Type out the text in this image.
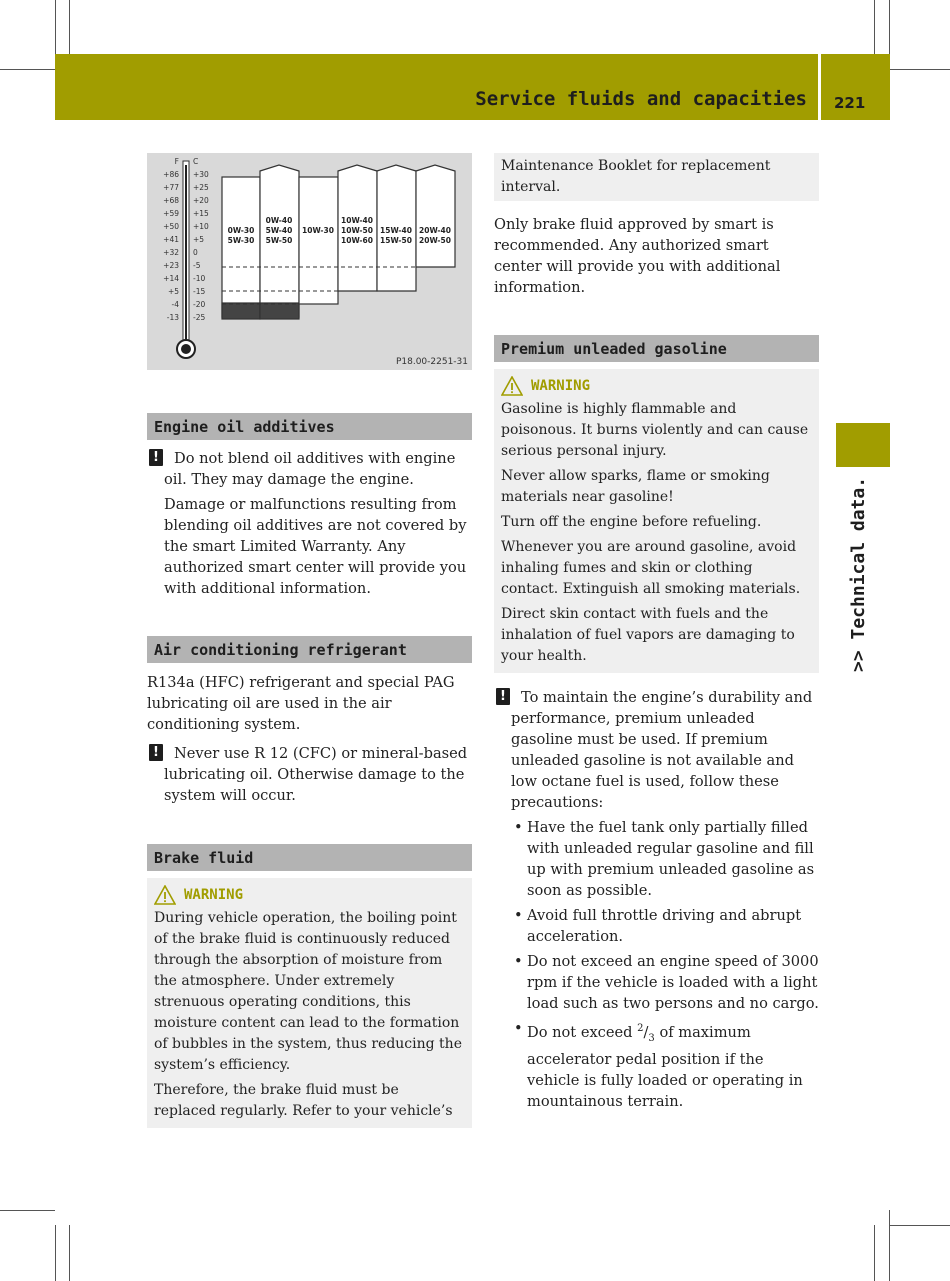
Service fluids and capacities 221
>> Technical data.
F
+86
+77
+68
+59
+50
+41
+32
+23
+14
+5
-4
-13
C
+30
+25
+20
+15
+10
+5
0
-5
-10
-15
-20
-25
0W-30
5W-30
0W-40
5W-40
5W-50
10W-30
10W-40
10W-50
10W-60
15W-40
15W-50
20W-40
20W-50
P18.00-2251-31
Engine oil additives
!	Do not blend oil additives with engine oil. They may damage the engine.

Damage or malfunctions resulting from blending oil additives are not covered by the smart Limited Warranty. Any authorized smart center will provide you with additional information.

Air conditioning refrigerant

R134a (HFC) refrigerant and special PAG lubricating oil are used in the air conditioning system.

!	Never use R 12 (CFC) or mineral-based lubricating oil. Otherwise damage to the system will occur.

Brake fluid
WARNING

During vehicle operation, the boiling point of the brake fluid is continuously reduced through the absorption of moisture from the atmosphere. Under extremely strenuous operating conditions, this moisture content can lead to the formation of bubbles in the system, thus reducing the system’s efficiency.

Therefore, the brake fluid must be replaced regularly. Refer to your vehicle’s

Maintenance Booklet for replacement interval.

Only brake fluid approved by smart is recommended. Any authorized smart center will provide you with additional information.

Premium unleaded gasoline
WARNING

Gasoline is highly flammable and poisonous. It burns violently and can cause serious personal injury.

Never allow sparks, flame or smoking materials near gasoline!

Turn off the engine before refueling.

Whenever you are around gasoline, avoid inhaling fumes and skin or clothing contact. Extinguish all smoking materials.

Direct skin contact with fuels and the inhalation of fuel vapors are damaging to your health.

!	To maintain the engine’s durability and performance, premium unleaded gasoline must be used. If premium unleaded gasoline is not available and low octane fuel is used, follow these precautions:

• Have the fuel tank only partially filled with unleaded regular gasoline and fill up with premium unleaded gasoline as soon as possible.
• Avoid full throttle driving and abrupt acceleration.
• Do not exceed an engine speed of 3000 rpm if the vehicle is loaded with a light load such as two persons and no cargo.
• Do not exceed $^2/_3$ of maximum accelerator pedal position if the vehicle is fully loaded or operating in mountainous terrain.
